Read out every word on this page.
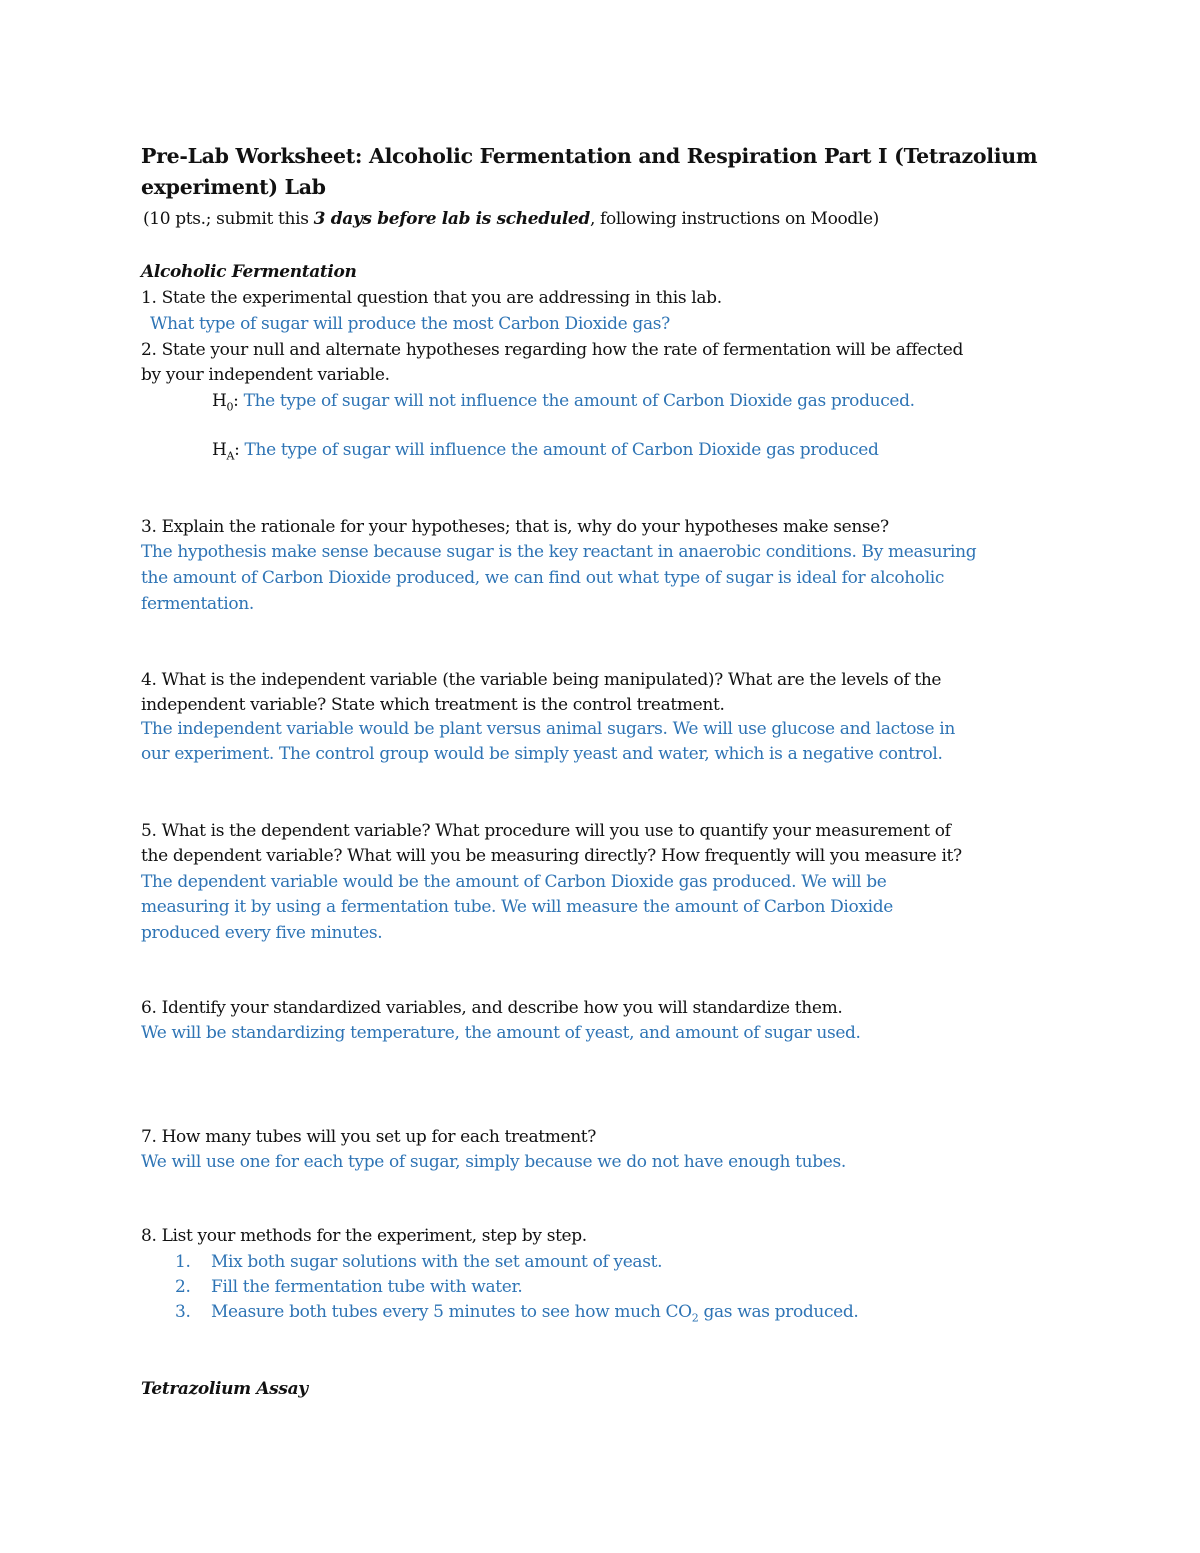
Pre-Lab Worksheet: Alcoholic Fermentation and Respiration Part I (Tetrazolium
experiment) Lab
(10 pts.; submit this 3 days before lab is scheduled, following instructions on Moodle)
Alcoholic Fermentation
1. State the experimental question that you are addressing in this lab.
What type of sugar will produce the most Carbon Dioxide gas?
2. State your null and alternate hypotheses regarding how the rate of fermentation will be affected
by your independent variable.
$H_0$: The type of sugar will not influence the amount of Carbon Dioxide gas produced.
$H_A$: The type of sugar will influence the amount of Carbon Dioxide gas produced
3. Explain the rationale for your hypotheses; that is, why do your hypotheses make sense?
The hypothesis make sense because sugar is the key reactant in anaerobic conditions. By measuring
the amount of Carbon Dioxide produced, we can find out what type of sugar is ideal for alcoholic
fermentation.
4. What is the independent variable (the variable being manipulated)? What are the levels of the
independent variable? State which treatment is the control treatment.
The independent variable would be plant versus animal sugars. We will use glucose and lactose in
our experiment. The control group would be simply yeast and water, which is a negative control.
5. What is the dependent variable? What procedure will you use to quantify your measurement of
the dependent variable? What will you be measuring directly? How frequently will you measure it?
The dependent variable would be the amount of Carbon Dioxide gas produced. We will be
measuring it by using a fermentation tube. We will measure the amount of Carbon Dioxide
produced every five minutes.
6. Identify your standardized variables, and describe how you will standardize them.
We will be standardizing temperature, the amount of yeast, and amount of sugar used.
7. How many tubes will you set up for each treatment?
We will use one for each type of sugar, simply because we do not have enough tubes.
8. List your methods for the experiment, step by step.
1. Mix both sugar solutions with the set amount of yeast.
2. Fill the fermentation tube with water.
3. Measure both tubes every 5 minutes to see how much $CO_2$ gas was produced.
Tetrazolium Assay
